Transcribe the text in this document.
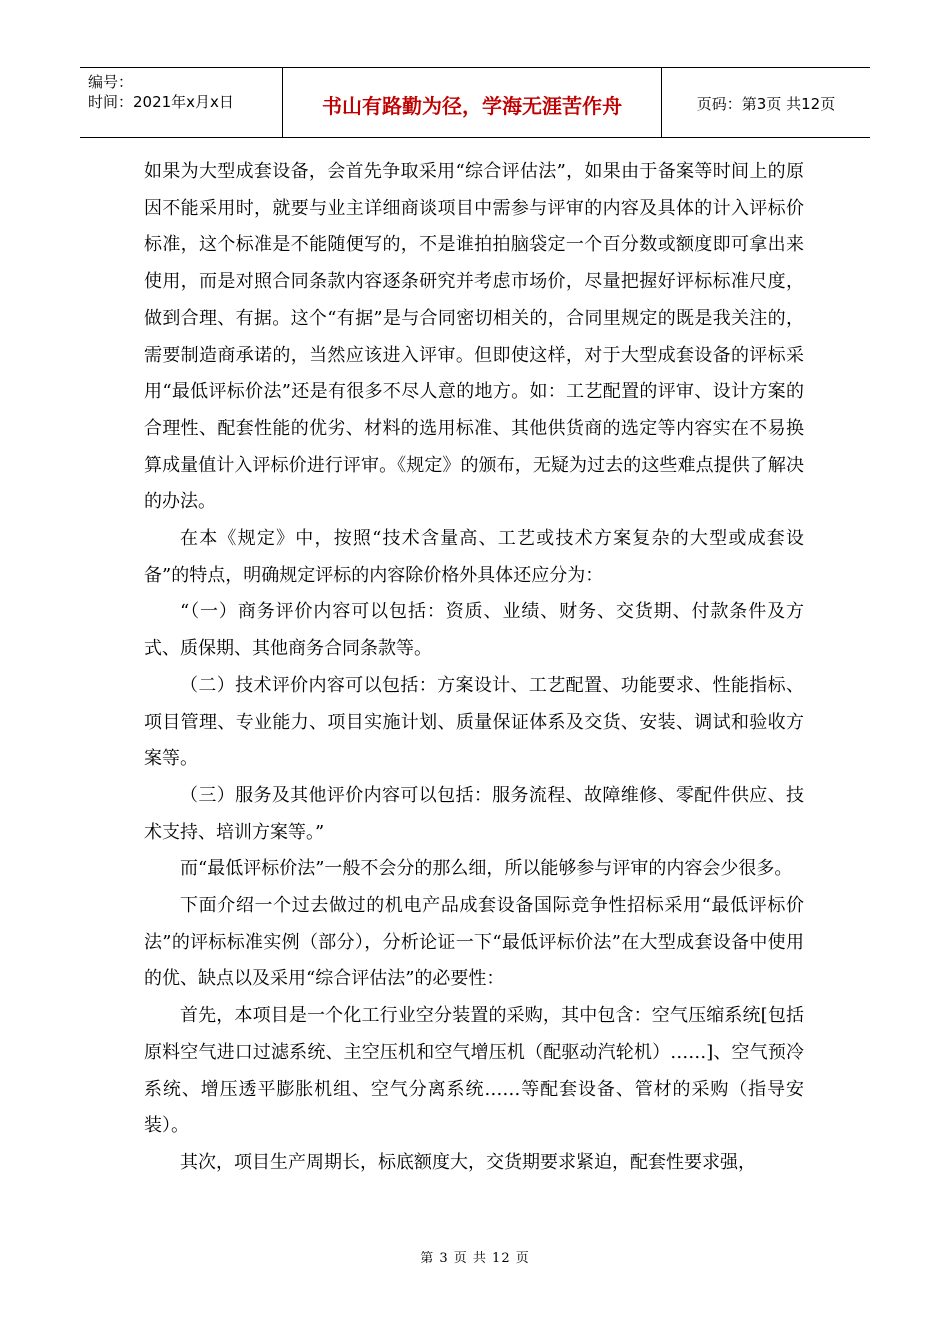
编号：
时间：2021年x月x日	书山有路勤为径，学海无涯苦作舟	页码：第3页 共12页

如果为大型成套设备，会首先争取采用“综合评估法”，如果由于备案等时间上的原因不能采用时，就要与业主详细商谈项目中需参与评审的内容及具体的计入评标价标准，这个标准是不能随便写的，不是谁拍拍脑袋定一个百分数或额度即可拿出来使用，而是对照合同条款内容逐条研究并考虑市场价，尽量把握好评标标准尺度，做到合理、有据。这个“有据”是与合同密切相关的，合同里规定的既是我关注的，需要制造商承诺的，当然应该进入评审。但即使这样，对于大型成套设备的评标采用“最低评标价法”还是有很多不尽人意的地方。如：工艺配置的评审、设计方案的合理性、配套性能的优劣、材料的选用标准、其他供货商的选定等内容实在不易换算成量值计入评标价进行评审。《规定》的颁布，无疑为过去的这些难点提供了解决的办法。

在本《规定》中，按照“技术含量高、工艺或技术方案复杂的大型或成套设备”的特点，明确规定评标的内容除价格外具体还应分为：

“（一）商务评价内容可以包括：资质、业绩、财务、交货期、付款条件及方式、质保期、其他商务合同条款等。

（二）技术评价内容可以包括：方案设计、工艺配置、功能要求、性能指标、项目管理、专业能力、项目实施计划、质量保证体系及交货、安装、调试和验收方案等。

（三）服务及其他评价内容可以包括：服务流程、故障维修、零配件供应、技术支持、培训方案等。”

而“最低评标价法”一般不会分的那么细，所以能够参与评审的内容会少很多。

下面介绍一个过去做过的机电产品成套设备国际竞争性招标采用“最低评标价法”的评标标准实例（部分），分析论证一下“最低评标价法”在大型成套设备中使用的优、缺点以及采用“综合评估法”的必要性：

首先，本项目是一个化工行业空分装置的采购，其中包含：空气压缩系统[包括原料空气进口过滤系统、主空压机和空气增压机（配驱动汽轮机）……]、空气预冷系统、增压透平膨胀机组、空气分离系统……等配套设备、管材的采购（指导安装）。

其次，项目生产周期长，标底额度大，交货期要求紧迫，配套性要求强，

第 3 页 共 12 页
